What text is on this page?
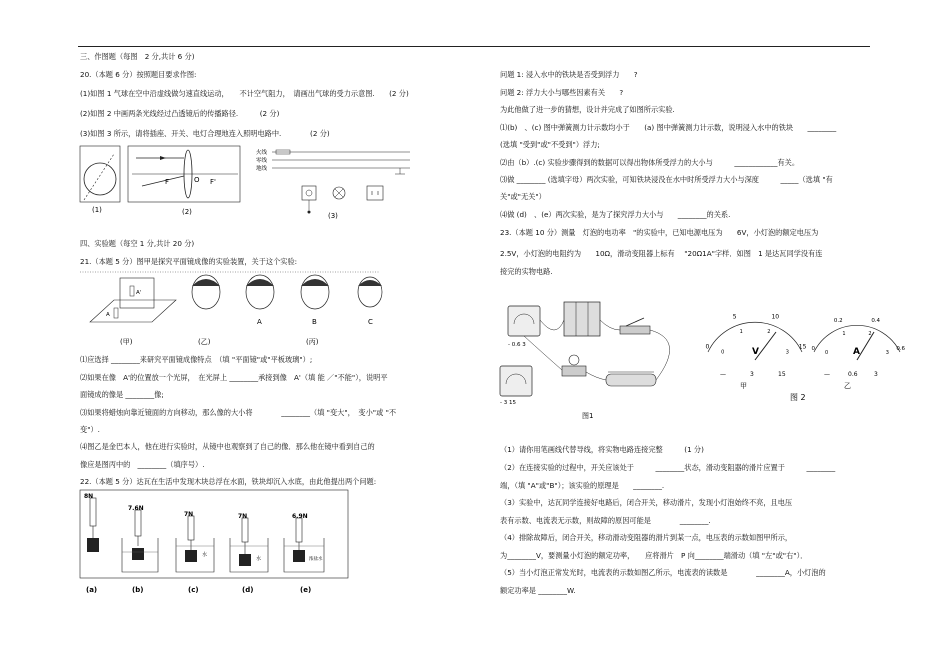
三、作图题（每图　2 分,共计 6 分)
20.（本题 6 分）按照题目要求作图:
(1)如图 1 气球在空中沿虚线做匀速直线运动，　　不计空气阻力，　请画出气球的受力示意图.　　(2 分)
(2)如图 2 中画两条光线经过凸透镜后的传播路径.　　　(2 分)
(3)如图 3 所示，请将插座、开关、电灯合理地连入照明电路中.　　　　(2 分)
(1)
F	O F'
(2)
火线
零线
地线
(3)
四、实验题（每空 1 分,共计 20 分)
21.（本题 5 分）图甲是探究平面镜成像的实验装置，关于这个实验:
A'
A
(甲)	(乙)
A	B	C
(丙)
⑴应选择 ________来研究平面镜成像特点　（填 "平面镜"或"平板玻璃"）;
⑵如果在像　A'的位置放一个光屏，　在光屏上 ________承接到像　A'（填 能 ／"不能"），说明平
面镜成的像是 ________像;
⑶如果将蜡烛向靠近镜面的方向移动，那么像的大小将　　　　________（填 "变大"，　变小"或 "不
变"）.
⑷图乙是金巴本人，他在进行实验时，从镜中也观察到了自己的像．那么他在镜中看到自己的
像应是图丙中的　________（填序号）.
22.（本题 5 分）达瓦在生活中发现木块总浮在水面，铁块却沉入水底，由此他提出两个问题:
8N
7.6N
7N
水
7N
水
6.9N
浓盐水
(a)	(b)	(c)	(d)	(e)
问题 1: 浸入水中的铁块是否受到浮力　　?
问题 2: 浮力大小与哪些因素有关　　?
为此他做了进一步的猜想，设计并完成了如图所示实验.
⑴(b)　、(c) 图中弹簧测力计示数均小于　　(a) 图中弹簧测力计示数，说明浸入水中的铁块　　________
(选填 "受到"或"不受到"）浮力;
⑵由（b）.(c) 实验步骤得到的数据可以得出物体所受浮力的大小与　　　____________有关。
⑶做 ________ (选填字母）两次实验，可知铁块浸没在水中时所受浮力大小与深度　　　_____（选填 "有
关"或"无关"）
⑷做 (d)　、(e）两次实验，是为了探究浮力大小与　　________的关系.
23.（本题 10 分）测量　灯泡的电功率　"的实验中，已知电源电压为　　6V，小灯泡的额定电压为
2.5V，小灯泡的电阻约为　　10Ω，滑动变阻器上标有　 "20Ω1A"字样．如图　1 是达瓦同学没有连
接完的实物电路.
- 0.6 3
- 3 15
图1
V
—	3	15
甲
A
—	0.6	3
乙
图 2
0
5	10
15
0
1	2
3
0
0.2	0.4
0.6
0
1	2
3
（1）请你用笔画线代替导线，将实物电路连接完整　　　(1 分)
（2）在连接实验的过程中，开关应该处于　　　________状态，滑动变阻器的滑片应置于　　　________
端，（填 "A"或"B"）；该实验的原理是　　________.
（3）实验中，达瓦同学连接好电路后，闭合开关，移动滑片，发现小灯泡始终不亮，且电压
表有示数、电流表无示数，则故障的原因可能是　　　　________.
（4）排除故障后，闭合开关，移动滑动变阻器的滑片到某一点，电压表的示数如图甲所示，
为________V，要测量小灯泡的额定功率，　　应将滑片　P 向________端滑动（填 "左"或"右"）．
（5）当小灯泡正常发光时，电流表的示数如图乙所示，电流表的读数是　　　　________A，小灯泡的
额定功率是 ________W.
